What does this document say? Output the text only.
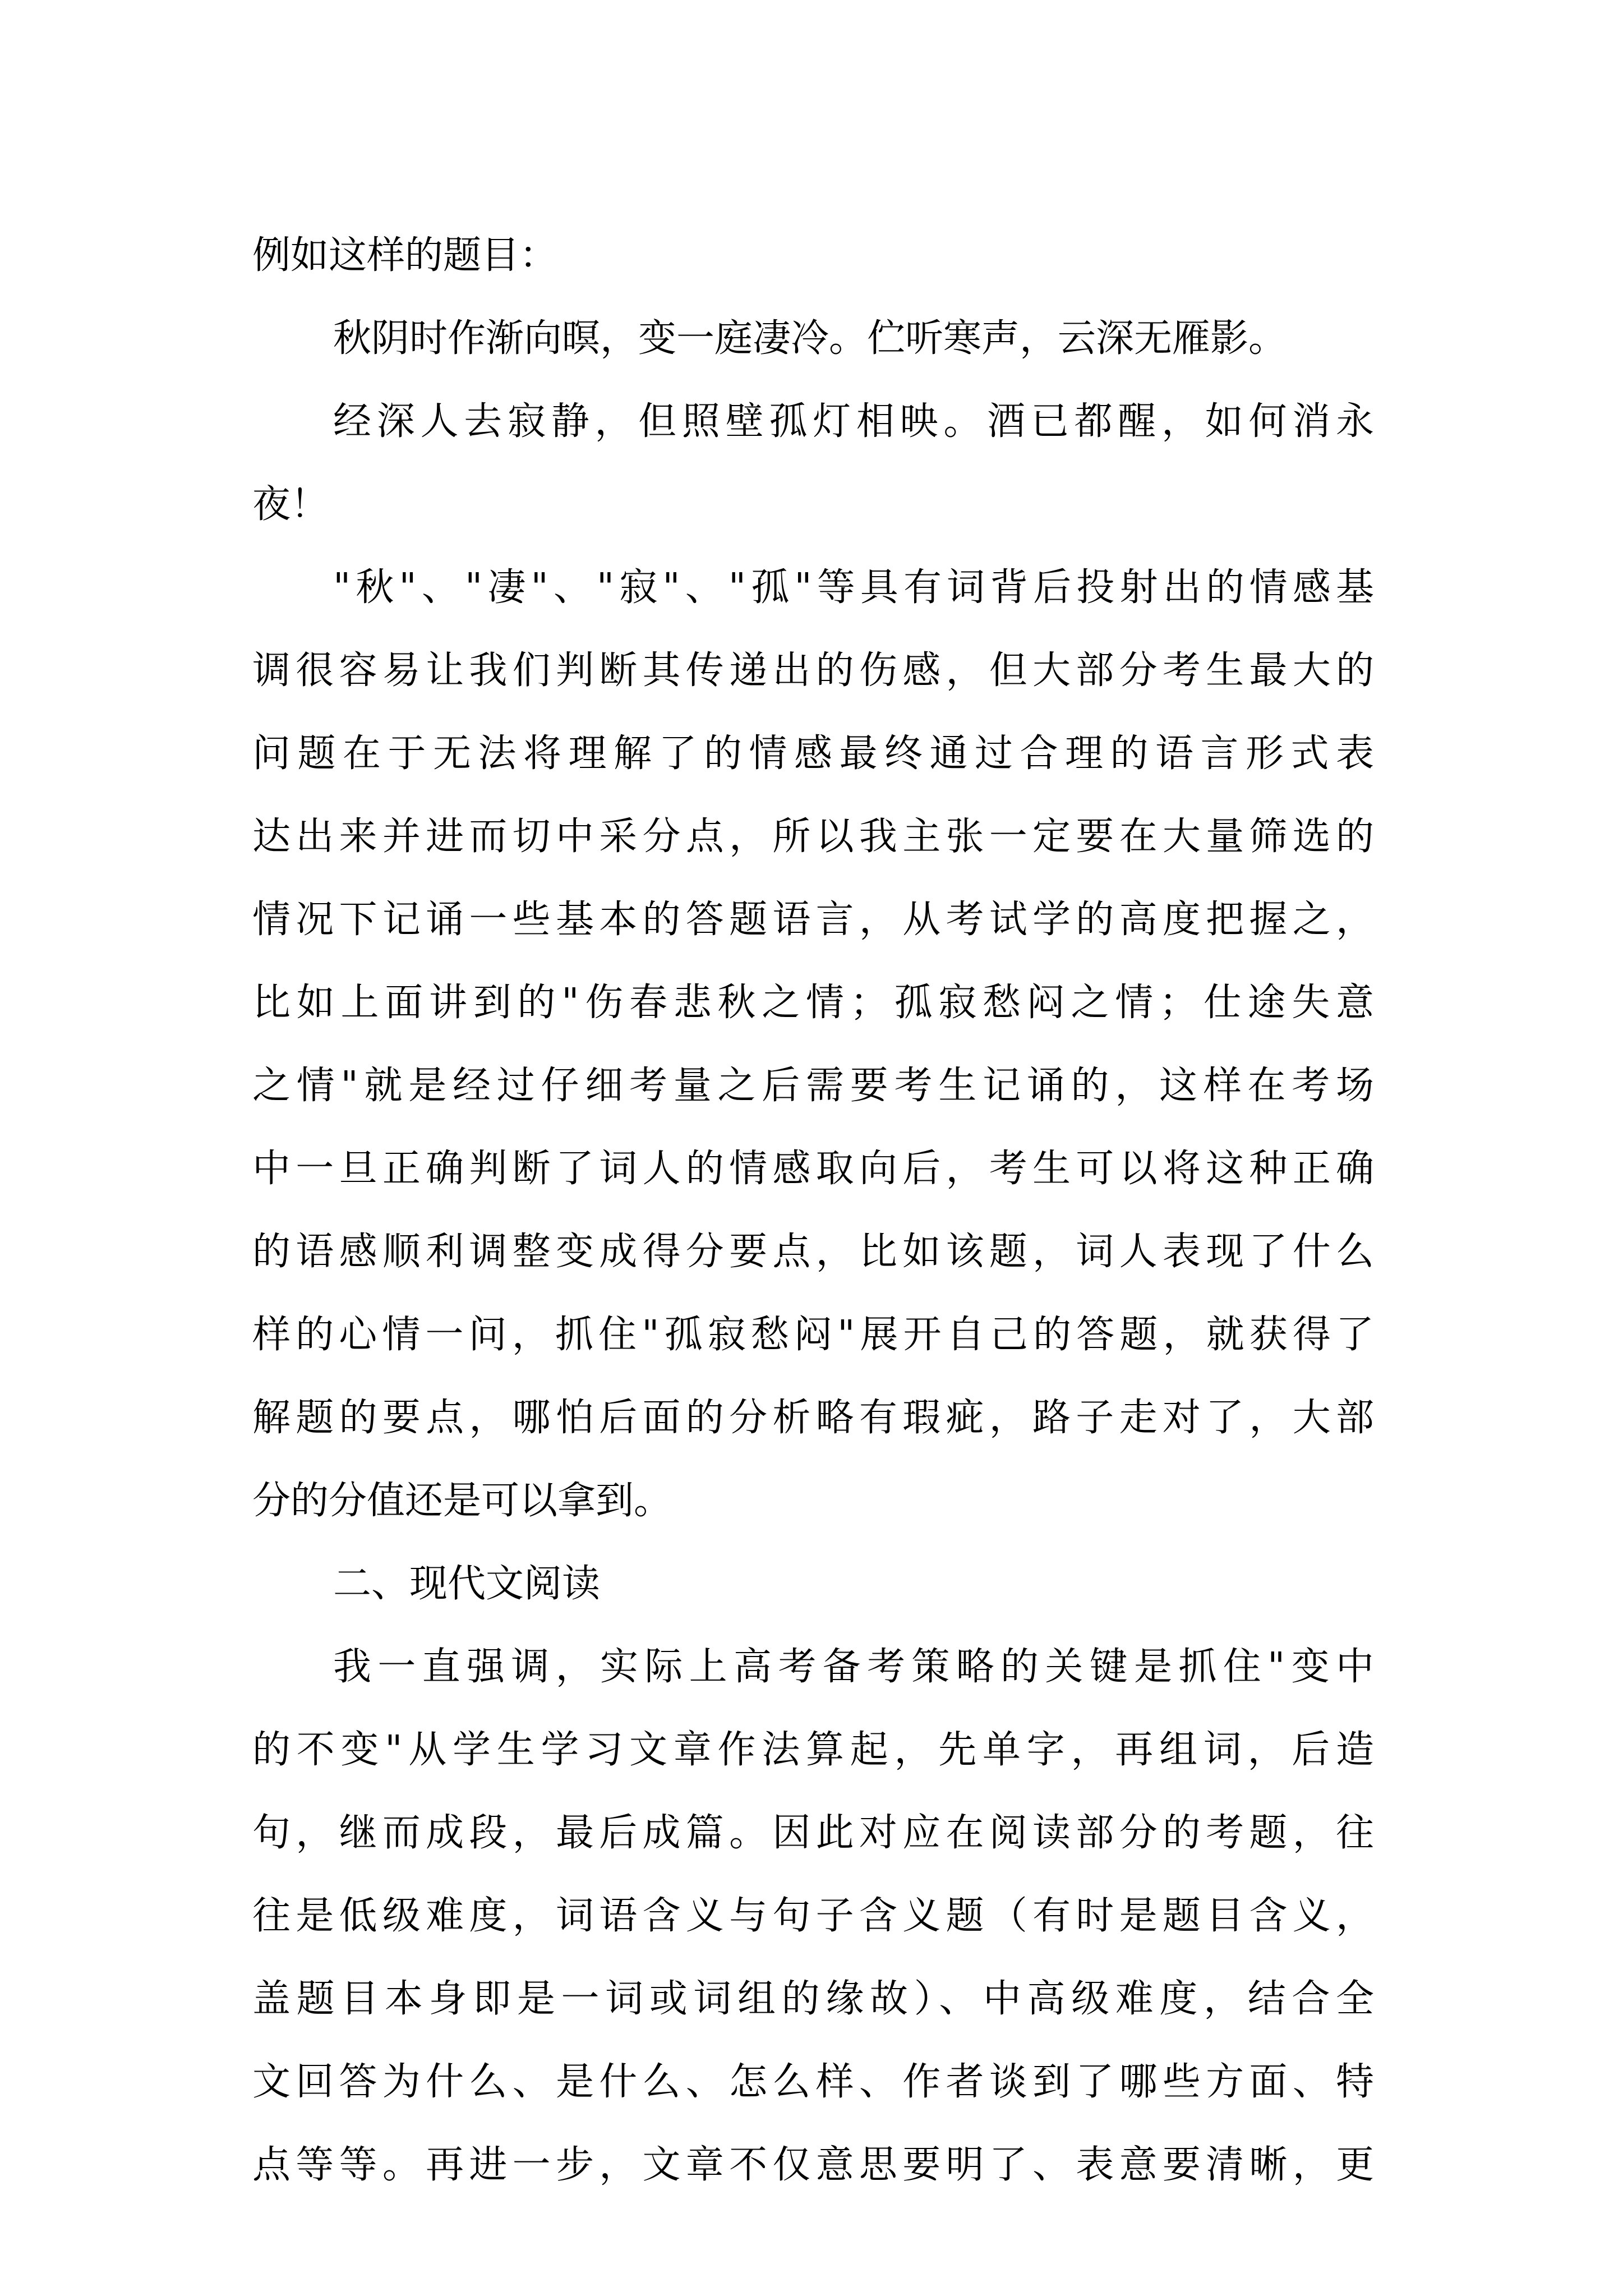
例如这样的题目：

秋阴时作渐向暝，变一庭凄冷。伫听寒声，云深无雁影。

经深人去寂静，但照壁孤灯相映。酒已都醒，如何消永
夜！

"秋"、"凄"、"寂"、"孤"等具有词背后投射出的情感基
调很容易让我们判断其传递出的伤感，但大部分考生最大的
问题在于无法将理解了的情感最终通过合理的语言形式表
达出来并进而切中采分点，所以我主张一定要在大量筛选的
情况下记诵一些基本的答题语言，从考试学的高度把握之，
比如上面讲到的"伤春悲秋之情；孤寂愁闷之情；仕途失意
之情"就是经过仔细考量之后需要考生记诵的，这样在考场
中一旦正确判断了词人的情感取向后，考生可以将这种正确
的语感顺利调整变成得分要点，比如该题，词人表现了什么
样的心情一问，抓住"孤寂愁闷"展开自己的答题，就获得了
解题的要点，哪怕后面的分析略有瑕疵，路子走对了，大部
分的分值还是可以拿到。

二、现代文阅读

我一直强调，实际上高考备考策略的关键是抓住"变中
的不变"从学生学习文章作法算起，先单字，再组词，后造
句，继而成段，最后成篇。因此对应在阅读部分的考题，往
往是低级难度，词语含义与句子含义题（有时是题目含义，
盖题目本身即是一词或词组的缘故）、中高级难度，结合全
文回答为什么、是什么、怎么样、作者谈到了哪些方面、特
点等等。再进一步，文章不仅意思要明了、表意要清晰，更
